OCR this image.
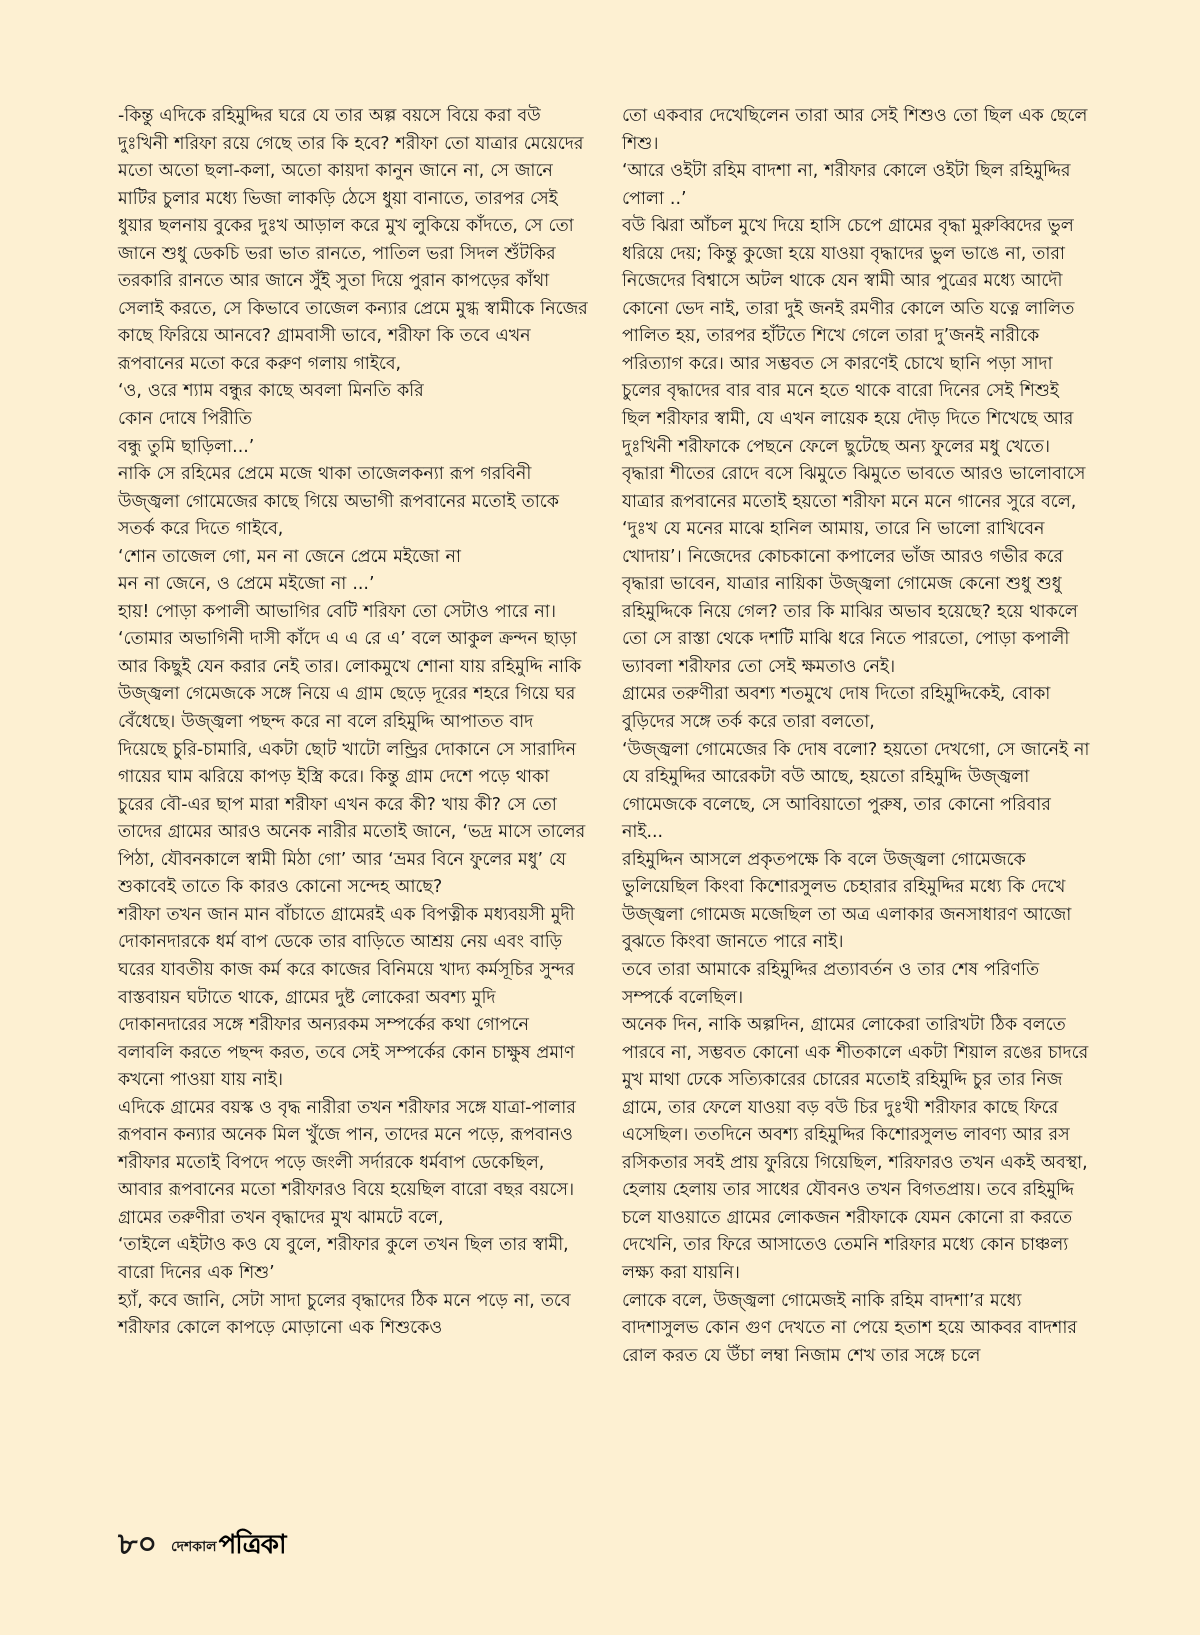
-কিন্তু এদিকে রহিমুদ্দির ঘরে যে তার অল্প বয়সে বিয়ে করা বউ দুঃখিনী শরিফা রয়ে গেছে তার কি হবে? শরীফা তো যাত্রার মেয়েদের মতো অতো ছলা-কলা, অতো কায়দা কানুন জানে না, সে জানে মাটির চুলার মধ্যে ভিজা লাকড়ি ঠেসে ধুয়া বানাতে, তারপর সেই ধুয়ার ছলনায় বুকের দুঃখ আড়াল করে মুখ লুকিয়ে কাঁদতে, সে তো জানে শুধু ডেকচি ভরা ভাত রানতে, পাতিল ভরা সিদল শুঁটকির তরকারি রানতে আর জানে সুঁই সুতা দিয়ে পুরান কাপড়ের কাঁথা সেলাই করতে, সে কিভাবে তাজেল কন্যার প্রেমে মুগ্ধ স্বামীকে নিজের কাছে ফিরিয়ে আনবে? গ্রামবাসী ভাবে, শরীফা কি তবে এখন রূপবানের মতো করে করুণ গলায় গাইবে,

‘ও, ওরে শ্যাম বন্ধুর কাছে অবলা মিনতি করি

কোন দোষে পিরীতি

বন্ধু তুমি ছাড়িলা...’

নাকি সে রহিমের প্রেমে মজে থাকা তাজেলকন্যা রূপ গরবিনী উজ্জ্বলা গোমেজের কাছে গিয়ে অভাগী রূপবানের মতোই তাকে সতর্ক করে দিতে গাইবে,

‘শোন তাজেল গো, মন না জেনে প্রেমে মইজো না

মন না জেনে, ও প্রেমে মইজো না ...’

হায়! পোড়া কপালী আভাগির বেটি শরিফা তো সেটাও পারে না। ‘তোমার অভাগিনী দাসী কাঁদে এ এ রে এ’ বলে আকুল ক্রন্দন ছাড়া আর কিছুই যেন করার নেই তার। লোকমুখে শোনা যায় রহিমুদ্দি নাকি উজ্জ্বলা গেমেজকে সঙ্গে নিয়ে এ গ্রাম ছেড়ে দূরের শহরে গিয়ে ঘর বেঁধেছে। উজ্জ্বলা পছন্দ করে না বলে রহিমুদ্দি আপাতত বাদ দিয়েছে চুরি-চামারি, একটা ছোট খাটো লন্ড্রির দোকানে সে সারাদিন গায়ের ঘাম ঝরিয়ে কাপড় ইস্ত্রি করে। কিন্তু গ্রাম দেশে পড়ে থাকা চুরের বৌ-এর ছাপ মারা শরীফা এখন করে কী? খায় কী? সে তো তাদের গ্রামের আরও অনেক নারীর মতোই জানে, ‘ভদ্র মাসে তালের পিঠা, যৌবনকালে স্বামী মিঠা গো’ আর ‘ভ্রমর বিনে ফুলের মধু’ যে শুকাবেই তাতে কি কারও কোনো সন্দেহ আছে?

শরীফা তখন জান মান বাঁচাতে গ্রামেরই এক বিপত্নীক মধ্যবয়সী মুদী দোকানদারকে ধর্ম বাপ ডেকে তার বাড়িতে আশ্রয় নেয় এবং বাড়ি ঘরের যাবতীয় কাজ কর্ম করে কাজের বিনিময়ে খাদ্য কর্মসূচির সুন্দর বাস্তবায়ন ঘটাতে থাকে, গ্রামের দুষ্ট লোকেরা অবশ্য মুদি দোকানদারের সঙ্গে শরীফার অন্যরকম সম্পর্কের কথা গোপনে বলাবলি করতে পছন্দ করত, তবে সেই সম্পর্কের কোন চাক্ষুষ প্রমাণ কখনো পাওয়া যায় নাই।

এদিকে গ্রামের বয়স্ক ও বৃদ্ধ নারীরা তখন শরীফার সঙ্গে যাত্রা-পালার রূপবান কন্যার অনেক মিল খুঁজে পান, তাদের মনে পড়ে, রূপবানও শরীফার মতোই বিপদে পড়ে জংলী সর্দারকে ধর্মবাপ ডেকেছিল, আবার রূপবানের মতো শরীফারও বিয়ে হয়েছিল বারো বছর বয়সে। গ্রামের তরুণীরা তখন বৃদ্ধাদের মুখ ঝামটে বলে,

‘তাইলে এইটাও কও যে বুলে, শরীফার কুলে তখন ছিল তার স্বামী, বারো দিনের এক শিশু’

হ্যাঁ, কবে জানি, সেটা সাদা চুলের বৃদ্ধাদের ঠিক মনে পড়ে না, তবে শরীফার কোলে কাপড়ে মোড়ানো এক শিশুকেও

তো একবার দেখেছিলেন তারা আর সেই শিশুও তো ছিল এক ছেলে শিশু।

‘আরে ওইটা রহিম বাদশা না, শরীফার কোলে ওইটা ছিল রহিমুদ্দির পোলা ..’

বউ ঝিরা আঁচল মুখে দিয়ে হাসি চেপে গ্রামের বৃদ্ধা মুরুব্বিদের ভুল ধরিয়ে দেয়; কিন্তু কুজো হয়ে যাওয়া বৃদ্ধাদের ভুল ভাঙে না, তারা নিজেদের বিশ্বাসে অটল থাকে যেন স্বামী আর পুত্রের মধ্যে আদৌ কোনো ভেদ নাই, তারা দুই জনই রমণীর কোলে অতি যত্নে লালিত পালিত হয়, তারপর হাঁটতে শিখে গেলে তারা দু’জনই নারীকে পরিত্যাগ করে। আর সম্ভবত সে কারণেই চোখে ছানি পড়া সাদা চুলের বৃদ্ধাদের বার বার মনে হতে থাকে বারো দিনের সেই শিশুই ছিল শরীফার স্বামী, যে এখন লায়েক হয়ে দৌড় দিতে শিখেছে আর দুঃখিনী শরীফাকে পেছনে ফেলে ছুটেছে অন্য ফুলের মধু খেতে।

বৃদ্ধারা শীতের রোদে বসে ঝিমুতে ঝিমুতে ভাবতে আরও ভালোবাসে যাত্রার রূপবানের মতোই হয়তো শরীফা মনে মনে গানের সুরে বলে, ‘দুঃখ যে মনের মাঝে হানিল আমায়, তারে নি ভালো রাখিবেন খোদায়’। নিজেদের কোচকানো কপালের ভাঁজ আরও গভীর করে বৃদ্ধারা ভাবেন, যাত্রার নায়িকা উজ্জ্বলা গোমেজ কেনো শুধু শুধু রহিমুদ্দিকে নিয়ে গেল? তার কি মাঝির অভাব হয়েছে? হয়ে থাকলে তো সে রাস্তা থেকে দশটি মাঝি ধরে নিতে পারতো, পোড়া কপালী ভ্যাবলা শরীফার তো সেই ক্ষমতাও নেই।

গ্রামের তরুণীরা অবশ্য শতমুখে দোষ দিতো রহিমুদ্দিকেই, বোকা বুড়িদের সঙ্গে তর্ক করে তারা বলতো,

‘উজ্জ্বলা গোমেজের কি দোষ বলো? হয়তো দেখগো, সে জানেই না যে রহিমুদ্দির আরেকটা বউ আছে, হয়তো রহিমুদ্দি উজ্জ্বলা গোমেজকে বলেছে, সে আবিয়াতো পুরুষ, তার কোনো পরিবার নাই...

রহিমুদ্দিন আসলে প্রকৃতপক্ষে কি বলে উজ্জ্বলা গোমেজকে ভুলিয়েছিল কিংবা কিশোরসুলভ চেহারার রহিমুদ্দির মধ্যে কি দেখে উজ্জ্বলা গোমেজ মজেছিল তা অত্র এলাকার জনসাধারণ আজো বুঝতে কিংবা জানতে পারে নাই।

তবে তারা আমাকে রহিমুদ্দির প্রত্যাবর্তন ও তার শেষ পরিণতি সম্পর্কে বলেছিল।

অনেক দিন, নাকি অল্পদিন, গ্রামের লোকেরা তারিখটা ঠিক বলতে পারবে না, সম্ভবত কোনো এক শীতকালে একটা শিয়াল রঙের চাদরে মুখ মাথা ঢেকে সত্যিকারের চোরের মতোই রহিমুদ্দি চুর তার নিজ গ্রামে, তার ফেলে যাওয়া বড় বউ চির দুঃখী শরীফার কাছে ফিরে এসেছিল। ততদিনে অবশ্য রহিমুদ্দির কিশোরসুলভ লাবণ্য আর রস রসিকতার সবই প্রায় ফুরিয়ে গিয়েছিল, শরিফারও তখন একই অবস্থা, হেলায় হেলায় তার সাধের যৌবনও তখন বিগতপ্রায়। তবে রহিমুদ্দি চলে যাওয়াতে গ্রামের লোকজন শরীফাকে যেমন কোনো রা করতে দেখেনি, তার ফিরে আসাতেও তেমনি শরিফার মধ্যে কোন চাঞ্চল্য লক্ষ্য করা যায়নি।

লোকে বলে, উজ্জ্বলা গোমেজই নাকি রহিম বাদশা’র মধ্যে বাদশাসুলভ কোন গুণ দেখতে না পেয়ে হতাশ হয়ে আকবর বাদশার রোল করত যে উঁচা লম্বা নিজাম শেখ তার সঙ্গে চলে

৮০ দেশকাল পত্রিকা
